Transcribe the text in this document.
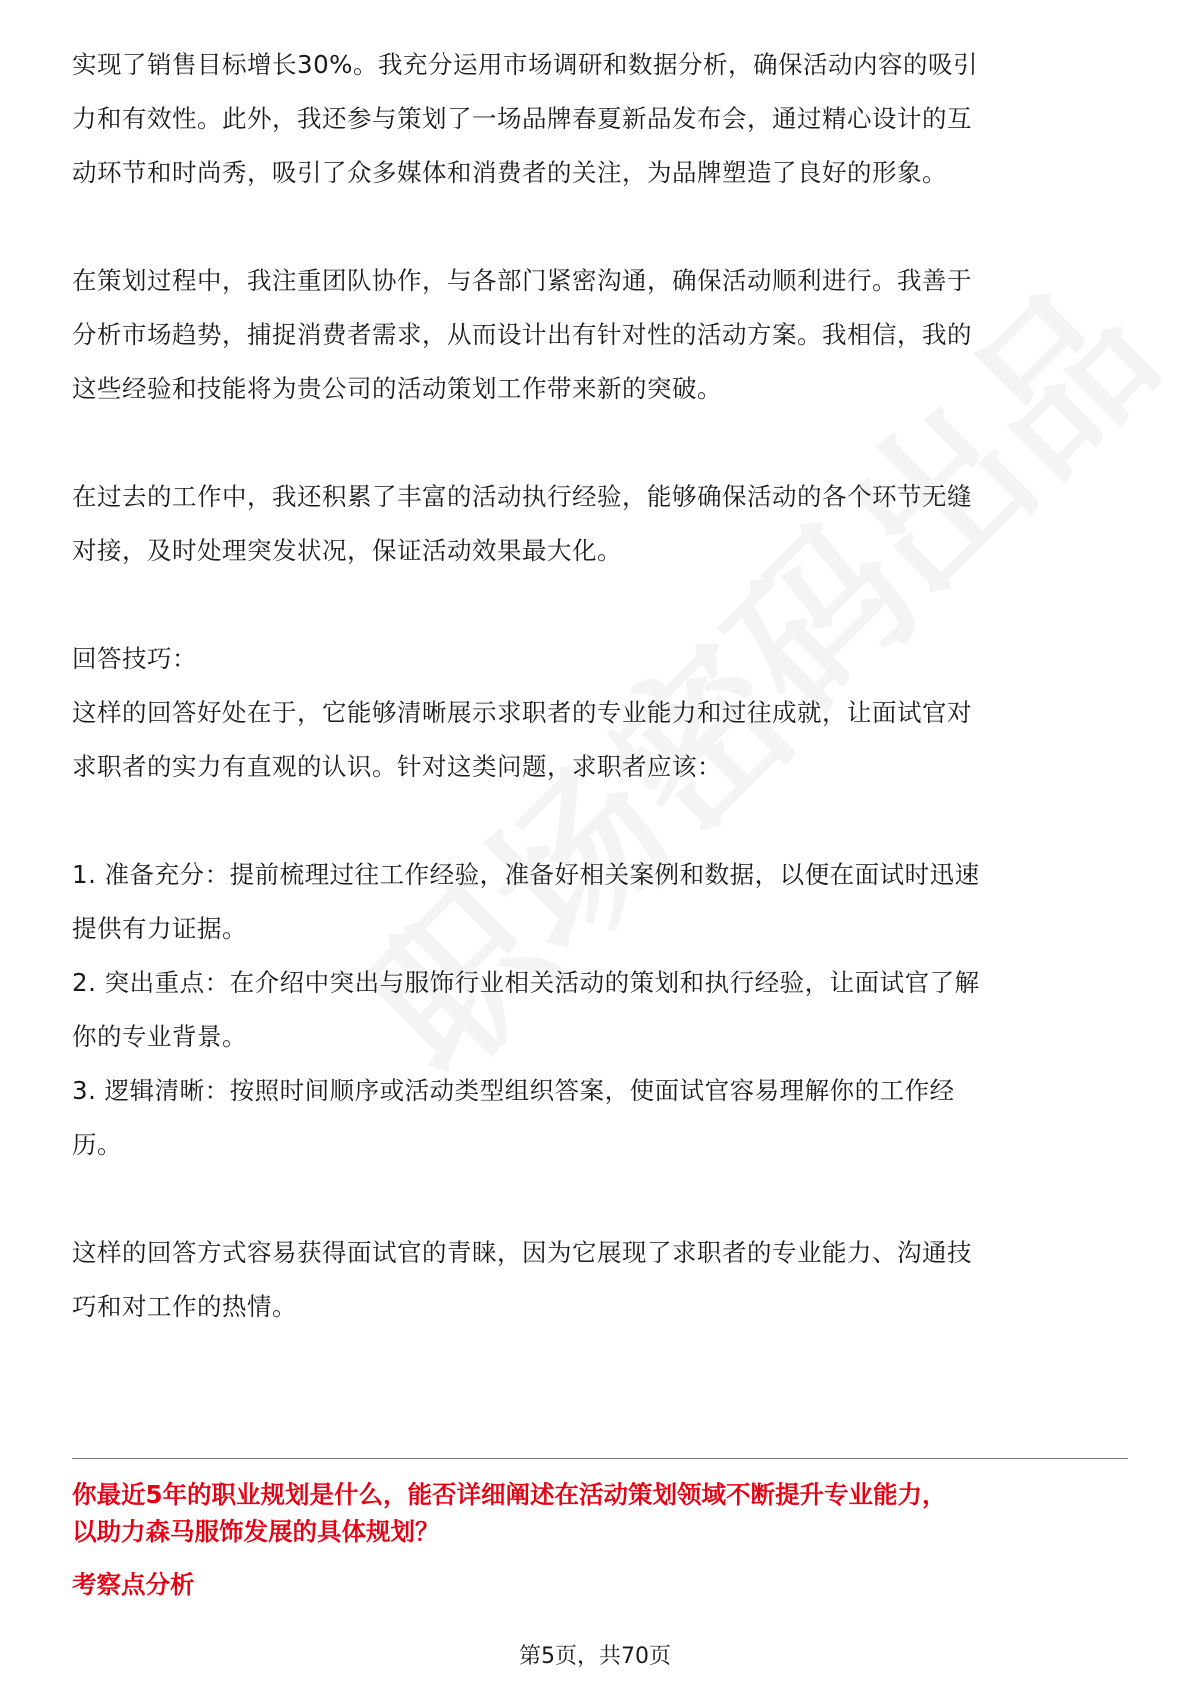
实现了销售目标增长30%。我充分运用市场调研和数据分析，确保活动内容的吸引

力和有效性。此外，我还参与策划了一场品牌春夏新品发布会，通过精心设计的互

动环节和时尚秀，吸引了众多媒体和消费者的关注，为品牌塑造了良好的形象。

在策划过程中，我注重团队协作，与各部门紧密沟通，确保活动顺利进行。我善于

分析市场趋势，捕捉消费者需求，从而设计出有针对性的活动方案。我相信，我的

这些经验和技能将为贵公司的活动策划工作带来新的突破。

在过去的工作中，我还积累了丰富的活动执行经验，能够确保活动的各个环节无缝

对接，及时处理突发状况，保证活动效果最大化。

回答技巧：

这样的回答好处在于，它能够清晰展示求职者的专业能力和过往成就，让面试官对

求职者的实力有直观的认识。针对这类问题，求职者应该：

1. 准备充分：提前梳理过往工作经验，准备好相关案例和数据，以便在面试时迅速

提供有力证据。

2. 突出重点：在介绍中突出与服饰行业相关活动的策划和执行经验，让面试官了解

你的专业背景。

3. 逻辑清晰：按照时间顺序或活动类型组织答案，使面试官容易理解你的工作经

历。

这样的回答方式容易获得面试官的青睐，因为它展现了求职者的专业能力、沟通技

巧和对工作的热情。

你最近5年的职业规划是什么，能否详细阐述在活动策划领域不断提升专业能力，
以助力森马服饰发展的具体规划？

考察点分析

第5页，共70页
